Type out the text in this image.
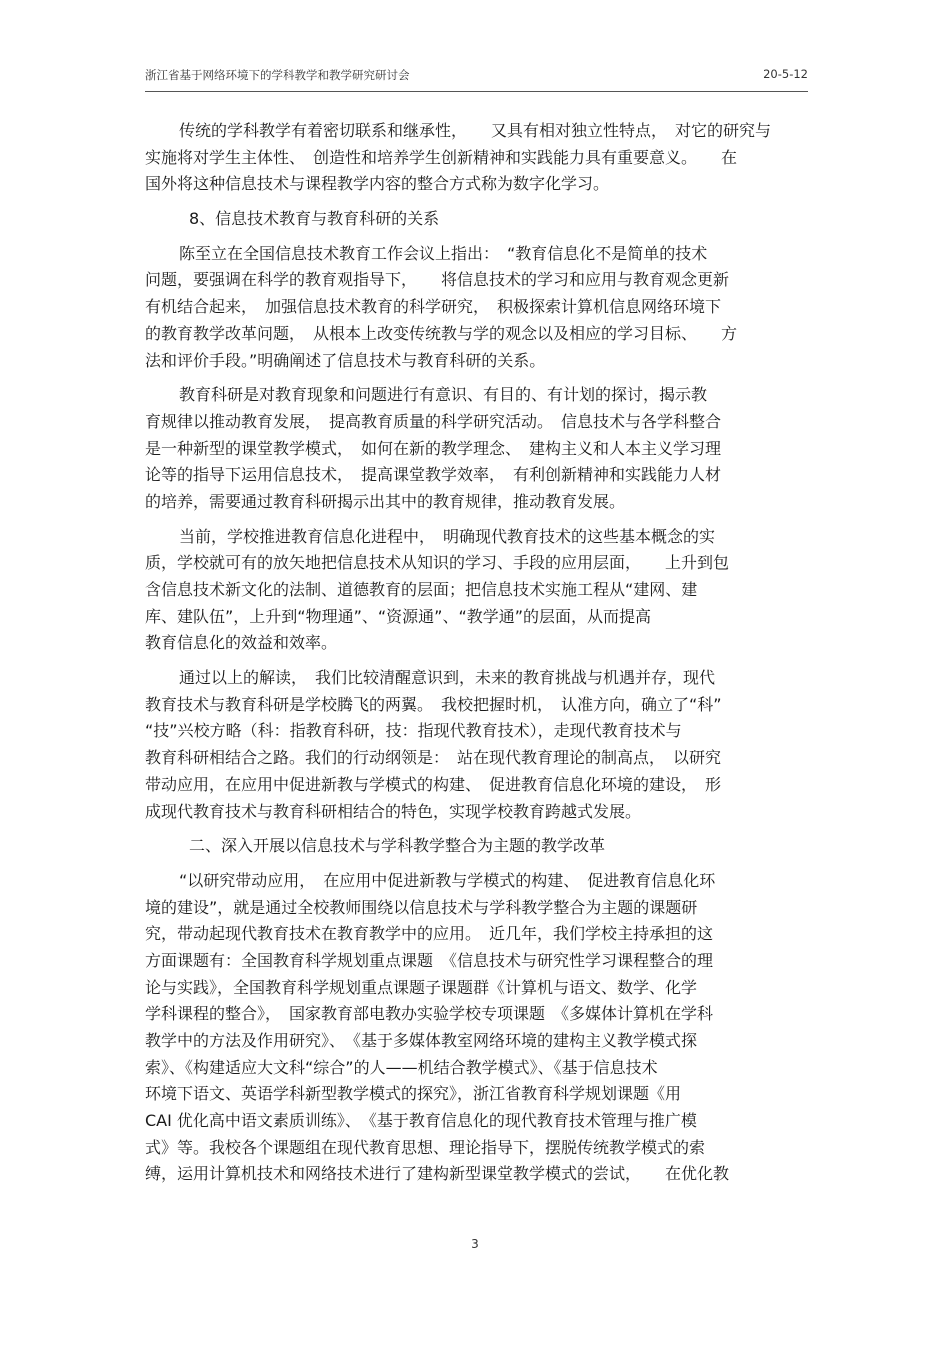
浙江省基于网络环境下的学科教学和教学研究研讨会	20-5-12
传统的学科教学有着密切联系和继承性，　　又具有相对独立性特点，　对它的研究与
实施将对学生主体性、　创造性和培养学生创新精神和实践能力具有重要意义。　　在
国外将这种信息技术与课程教学内容的整合方式称为数字化学习。
8、信息技术教育与教育科研的关系
陈至立在全国信息技术教育工作会议上指出：　“教育信息化不是简单的技术
问题，要强调在科学的教育观指导下，　　将信息技术的学习和应用与教育观念更新
有机结合起来，　加强信息技术教育的科学研究，　积极探索计算机信息网络环境下
的教育教学改革问题，　从根本上改变传统教与学的观念以及相应的学习目标、　　方
法和评价手段。”明确阐述了信息技术与教育科研的关系。
教育科研是对教育现象和问题进行有意识、有目的、有计划的探讨，揭示教
育规律以推动教育发展，　提高教育质量的科学研究活动。　信息技术与各学科整合
是一种新型的课堂教学模式，　如何在新的教学理念、　建构主义和人本主义学习理
论等的指导下运用信息技术，　提高课堂教学效率，　有利创新精神和实践能力人材
的培养，需要通过教育科研揭示出其中的教育规律，推动教育发展。
当前，学校推进教育信息化进程中，　明确现代教育技术的这些基本概念的实
质，学校就可有的放矢地把信息技术从知识的学习、手段的应用层面，　　上升到包
含信息技术新文化的法制、道德教育的层面；把信息技术实施工程从“建网、建
库、建队伍”，上升到“物理通”、“资源通”、“教学通”的层面，从而提高
教育信息化的效益和效率。
通过以上的解读，　我们比较清醒意识到，未来的教育挑战与机遇并存，现代
教育技术与教育科研是学校腾飞的两翼。　我校把握时机，　认准方向，确立了“科”
“技”兴校方略（科：指教育科研，技：指现代教育技术），走现代教育技术与
教育科研相结合之路。我们的行动纲领是：　站在现代教育理论的制高点，　以研究
带动应用，在应用中促进新教与学模式的构建、　促进教育信息化环境的建设，　形
成现代教育技术与教育科研相结合的特色，实现学校教育跨越式发展。
二、深入开展以信息技术与学科教学整合为主题的教学改革
“以研究带动应用，　在应用中促进新教与学模式的构建、　促进教育信息化环
境的建设”，就是通过全校教师围绕以信息技术与学科教学整合为主题的课题研
究，带动起现代教育技术在教育教学中的应用。　近几年，我们学校主持承担的这
方面课题有：全国教育科学规划重点课题　《信息技术与研究性学习课程整合的理
论与实践》，全国教育科学规划重点课题子课题群《计算机与语文、数学、化学
学科课程的整合》，　国家教育部电教办实验学校专项课题　《多媒体计算机在学科
教学中的方法及作用研究》、　《基于多媒体教室网络环境的建构主义教学模式探
索》、《构建适应大文科“综合”的人——机结合教学模式》、《基于信息技术
环境下语文、英语学科新型教学模式的探究》，浙江省教育科学规划课题《用
CAI 优化高中语文素质训练》、　《基于教育信息化的现代教育技术管理与推广模
式》等。我校各个课题组在现代教育思想、理论指导下，摆脱传统教学模式的索
缚，运用计算机技术和网络技术进行了建构新型课堂教学模式的尝试，　　在优化教
3
